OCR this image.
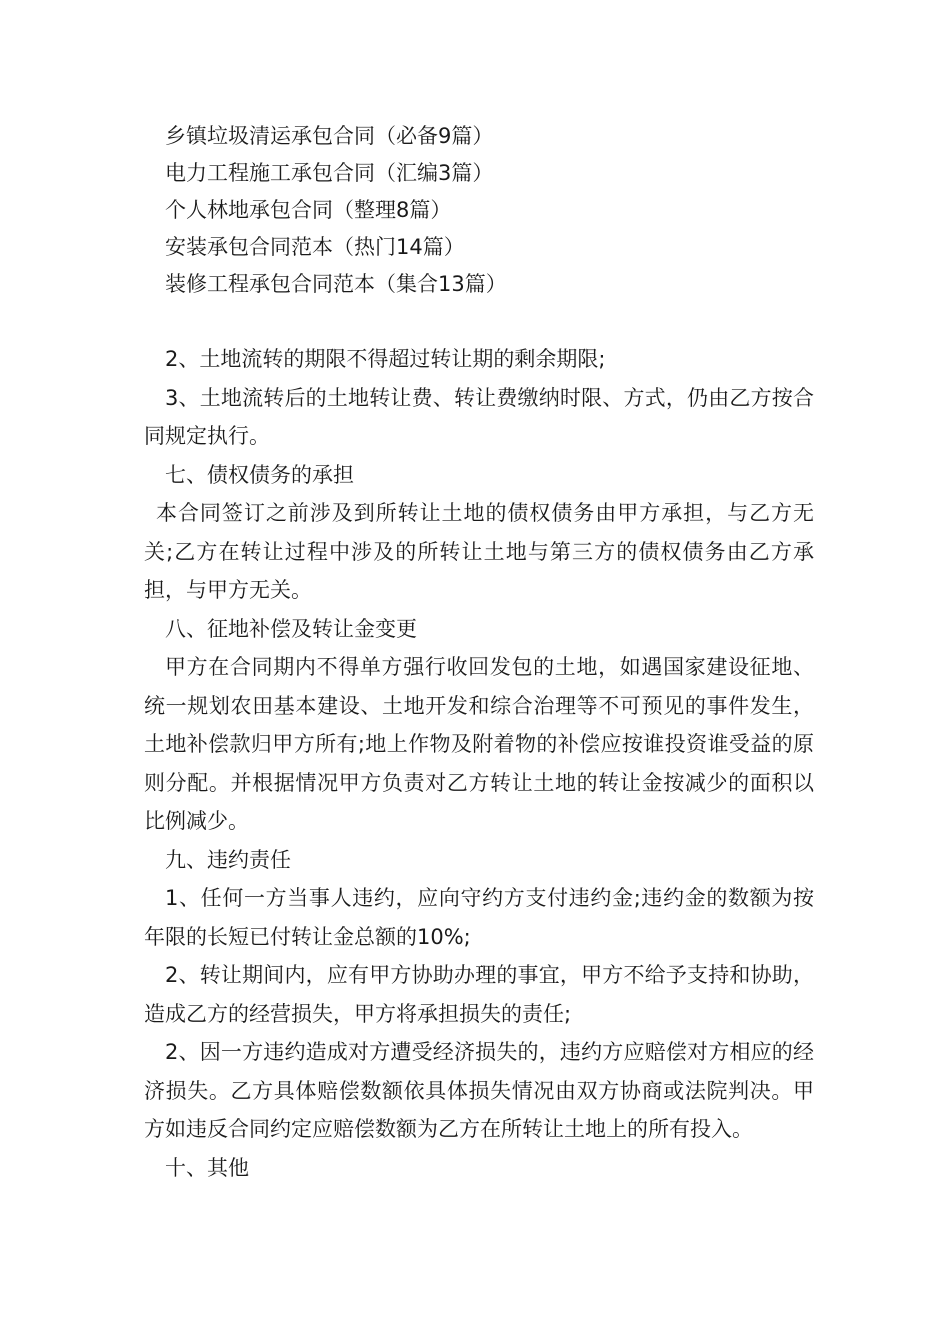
乡镇垃圾清运承包合同（必备9篇）
电力工程施工承包合同（汇编3篇）
个人林地承包合同（整理8篇）
安装承包合同范本（热门14篇）
装修工程承包合同范本（集合13篇）

2、土地流转的期限不得超过转让期的剩余期限;

3、土地流转后的土地转让费、转让费缴纳时限、方式，仍由乙方按合同规定执行。

七、债权债务的承担

本合同签订之前涉及到所转让土地的债权债务由甲方承担，与乙方无关;乙方在转让过程中涉及的所转让土地与第三方的债权债务由乙方承担，与甲方无关。

八、征地补偿及转让金变更

甲方在合同期内不得单方强行收回发包的土地，如遇国家建设征地、统一规划农田基本建设、土地开发和综合治理等不可预见的事件发生，土地补偿款归甲方所有;地上作物及附着物的补偿应按谁投资谁受益的原则分配。并根据情况甲方负责对乙方转让土地的转让金按减少的面积以比例减少。

九、违约责任

1、任何一方当事人违约，应向守约方支付违约金;违约金的数额为按年限的长短已付转让金总额的10%;

2、转让期间内，应有甲方协助办理的事宜，甲方不给予支持和协助，造成乙方的经营损失，甲方将承担损失的责任;

2、因一方违约造成对方遭受经济损失的，违约方应赔偿对方相应的经济损失。乙方具体赔偿数额依具体损失情况由双方协商或法院判决。甲方如违反合同约定应赔偿数额为乙方在所转让土地上的所有投入。

十、其他
